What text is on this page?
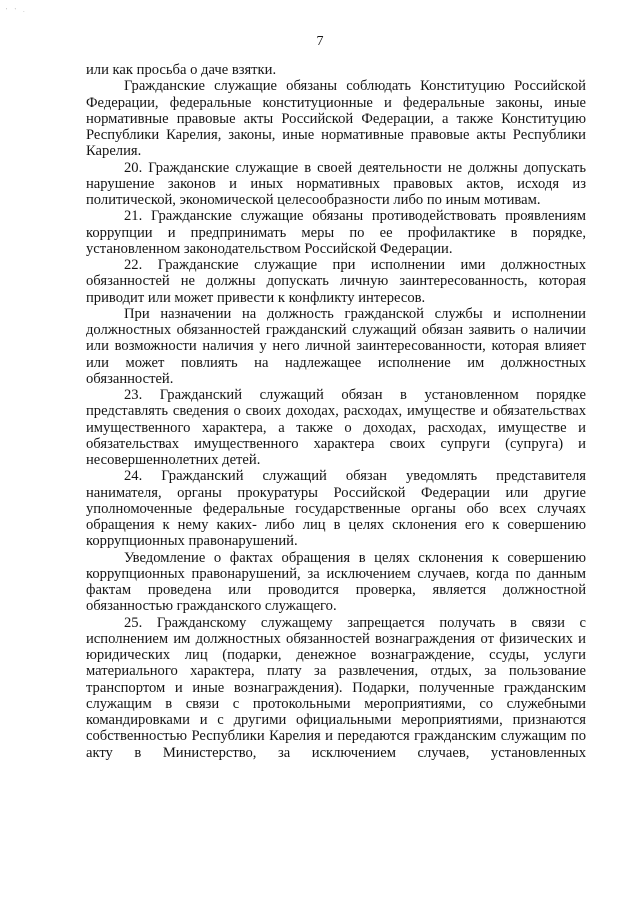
' ' .
7

или как просьба о даче взятки.

Гражданские служащие обязаны соблюдать Конституцию Российской Федерации, федеральные конституционные и федеральные законы, иные нормативные правовые акты Российской Федерации, а также Конституцию Республики Карелия, законы, иные нормативные правовые акты Республики Карелия.

20. Гражданские служащие в своей деятельности не должны допускать нарушение законов и иных нормативных правовых актов, исходя из политической, экономической целесообразности либо по иным мотивам.

21. Гражданские служащие обязаны противодействовать проявлениям коррупции и предпринимать меры по ее профилактике в порядке, установленном законодательством Российской Федерации.

22. Гражданские служащие при исполнении ими должностных обязанностей не должны допускать личную заинтересованность, которая приводит или может привести к конфликту интересов.

При назначении на должность гражданской службы и исполнении должностных обязанностей гражданский служащий обязан заявить о наличии или возможности наличия у него личной заинтересованности, которая влияет или может повлиять на надлежащее исполнение им должностных обязанностей.

23. Гражданский служащий обязан в установленном порядке представлять сведения о своих доходах, расходах, имуществе и обязательствах имущественного характера, а также о доходах, расходах, имуществе и обязательствах имущественного характера своих супруги (супруга) и несовершеннолетних детей.

24. Гражданский служащий обязан уведомлять представителя нанимателя, органы прокуратуры Российской Федерации или другие уполномоченные федеральные государственные органы обо всех случаях обращения к нему каких- либо лиц в целях склонения его к совершению коррупционных правонарушений.

Уведомление о фактах обращения в целях склонения к совершению коррупционных правонарушений, за исключением случаев, когда по данным фактам проведена или проводится проверка, является должностной обязанностью гражданского служащего.

25. Гражданскому служащему запрещается получать в связи с исполнением им должностных обязанностей вознаграждения от физических и юридических лиц (подарки, денежное вознаграждение, ссуды, услуги материального характера, плату за развлечения, отдых, за пользование транспортом и иные вознаграждения). Подарки, полученные гражданским служащим в связи с протокольными мероприятиями, со служебными командировками и с другими официальными мероприятиями, признаются собственностью Республики Карелия и передаются гражданским служащим по акту в Министерство, за исключением случаев, установленных
